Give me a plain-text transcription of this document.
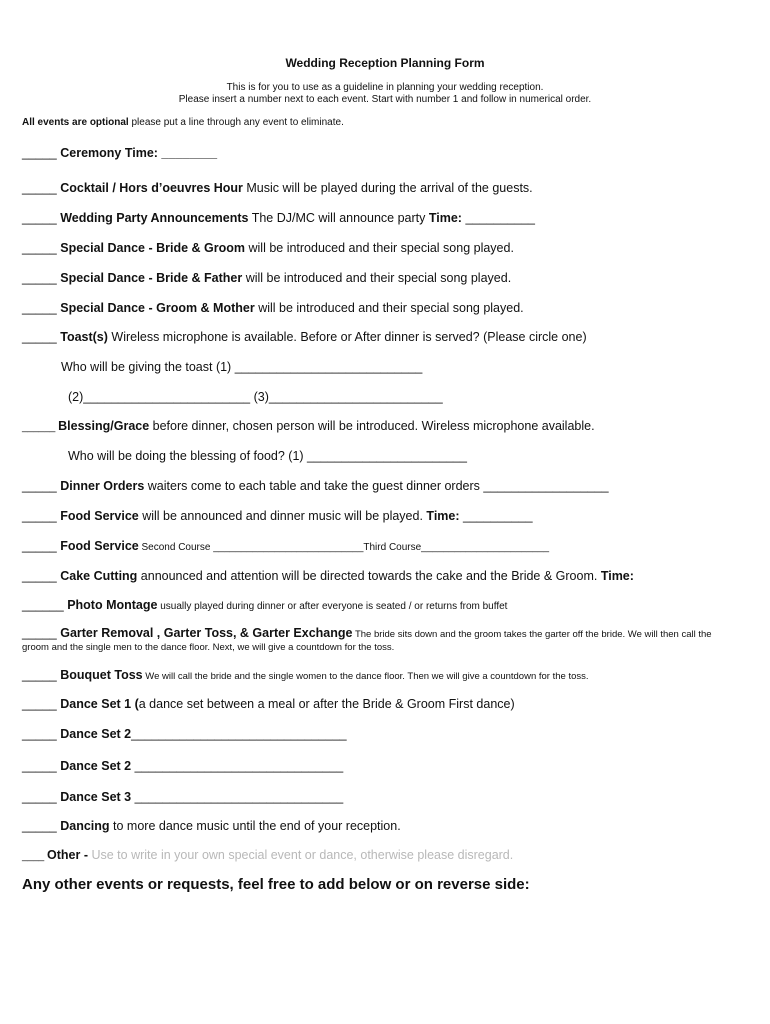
Wedding Reception Planning Form
This is for you to use as a guideline in planning your wedding reception.
Please insert a number next to each event. Start with number 1 and follow in numerical order.
All events are optional please put a line through any event to eliminate.
_____ Ceremony Time: ________
_____ Cocktail / Hors d’oeuvres Hour Music will be played during the arrival of the guests.
_____ Wedding Party Announcements The DJ/MC will announce party Time: __________
_____ Special Dance - Bride & Groom will be introduced and their special song played.
_____ Special Dance - Bride & Father will be introduced and their special song played.
_____ Special Dance - Groom & Mother will be introduced and their special song played.
_____ Toast(s) Wireless microphone is available. Before or After dinner is served? (Please circle one)
Who will be giving the toast (1) ___________________________
(2)________________________ (3)_________________________
______ Blessing/Grace before dinner, chosen person will be introduced. Wireless microphone available.
Who will be doing the blessing of food? (1) _______________________
_____ Dinner Orders waiters come to each table and take the guest dinner orders __________________
_____ Food Service will be announced and dinner music will be played. Time: __________
_____ Food Service Second Course ___________________________Third Course_______________________
_____ Cake Cutting announced and attention will be directed towards the cake and the Bride & Groom. Time:
______ Photo Montage usually played during dinner or after everyone is seated / or returns from buffet
_____ Garter Removal , Garter Toss, & Garter Exchange The bride sits down and the groom takes the garter off the bride. We will then call the
groom and the single men to the dance floor. Next, we will give a countdown for the toss.
_____ Bouquet Toss We will call the bride and the single women to the dance floor. Then we will give a countdown for the toss.
_____ Dance Set 1 (a dance set between a meal or after the Bride & Groom First dance)
_____ Dance Set 2_______________________________
_____ Dance Set 2 ______________________________
_____ Dance Set 3 ______________________________
_____ Dancing to more dance music until the end of your reception.
____ Other - Use to write in your own special event or dance, otherwise please disregard.
Any other events or requests, feel free to add below or on reverse side:
